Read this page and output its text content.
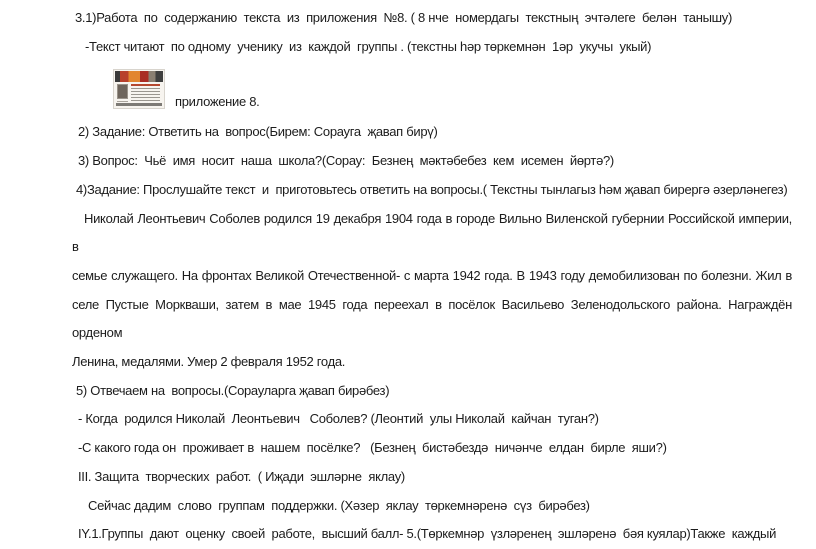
3.1)Работа  по  содержанию  текста  из  приложения  №8. ( 8 нче  номердагы  текстның  эчтәлеге  белән  танышу)

-Текст читают  по одному  ученику  из  каждой  группы . (текстны һәр төркемнән  1әр  укучы  укый)

приложение 8.

2) Задание: Ответить на  вопрос(Бирем: Сорауга  җавап бирү)

3) Вопрос:  Чьё  имя  носит  наша  школа?(Сорау:  Безнең  мәктәбебез  кем  исемен  йөртә?)

4)Задание: Прослушайте текст  и  приготовьтесь ответить на вопросы.( Текстны тынлагыз һәм җавап бирергә әзерләнегез)

Николай Леонтьевич Соболев родился 19 декабря 1904 года в городе Вильно Виленской губернии Российской империи, в

семье служащего. На фронтах Великой Отечественной- с марта 1942 года. В 1943 году демобилизован по болезни. Жил в

селе Пустые Моркваши, затем в мае 1945 года переехал в посёлок Васильево Зеленодольского района. Награждён орденом

Ленина, медалями. Умер 2 февраля 1952 года.

5) Отвечаем на  вопросы.(Сорауларга җавап бирәбез)

- Когда  родился Николай  Леонтьевич   Соболев? (Леонтий  улы Николай  кайчан  туган?)

-С какого года он  проживает в  нашем  посёлке?   (Безнең  бистәбездә  ничәнче  елдан  бирле  яши?)

III. Защита  творческих  работ.  ( Иҗади  эшләрне  яклау)

Сейчас дадим  слово  группам  поддержки. (Хәзер  яклау  төркемнәренә  сүз  бирәбез)

IY.1.Группы  дают  оценку  своей  работе,  высший балл- 5.(Төркемнәр  үзләренең  эшләренә  бәя куялар)Также  каждый
